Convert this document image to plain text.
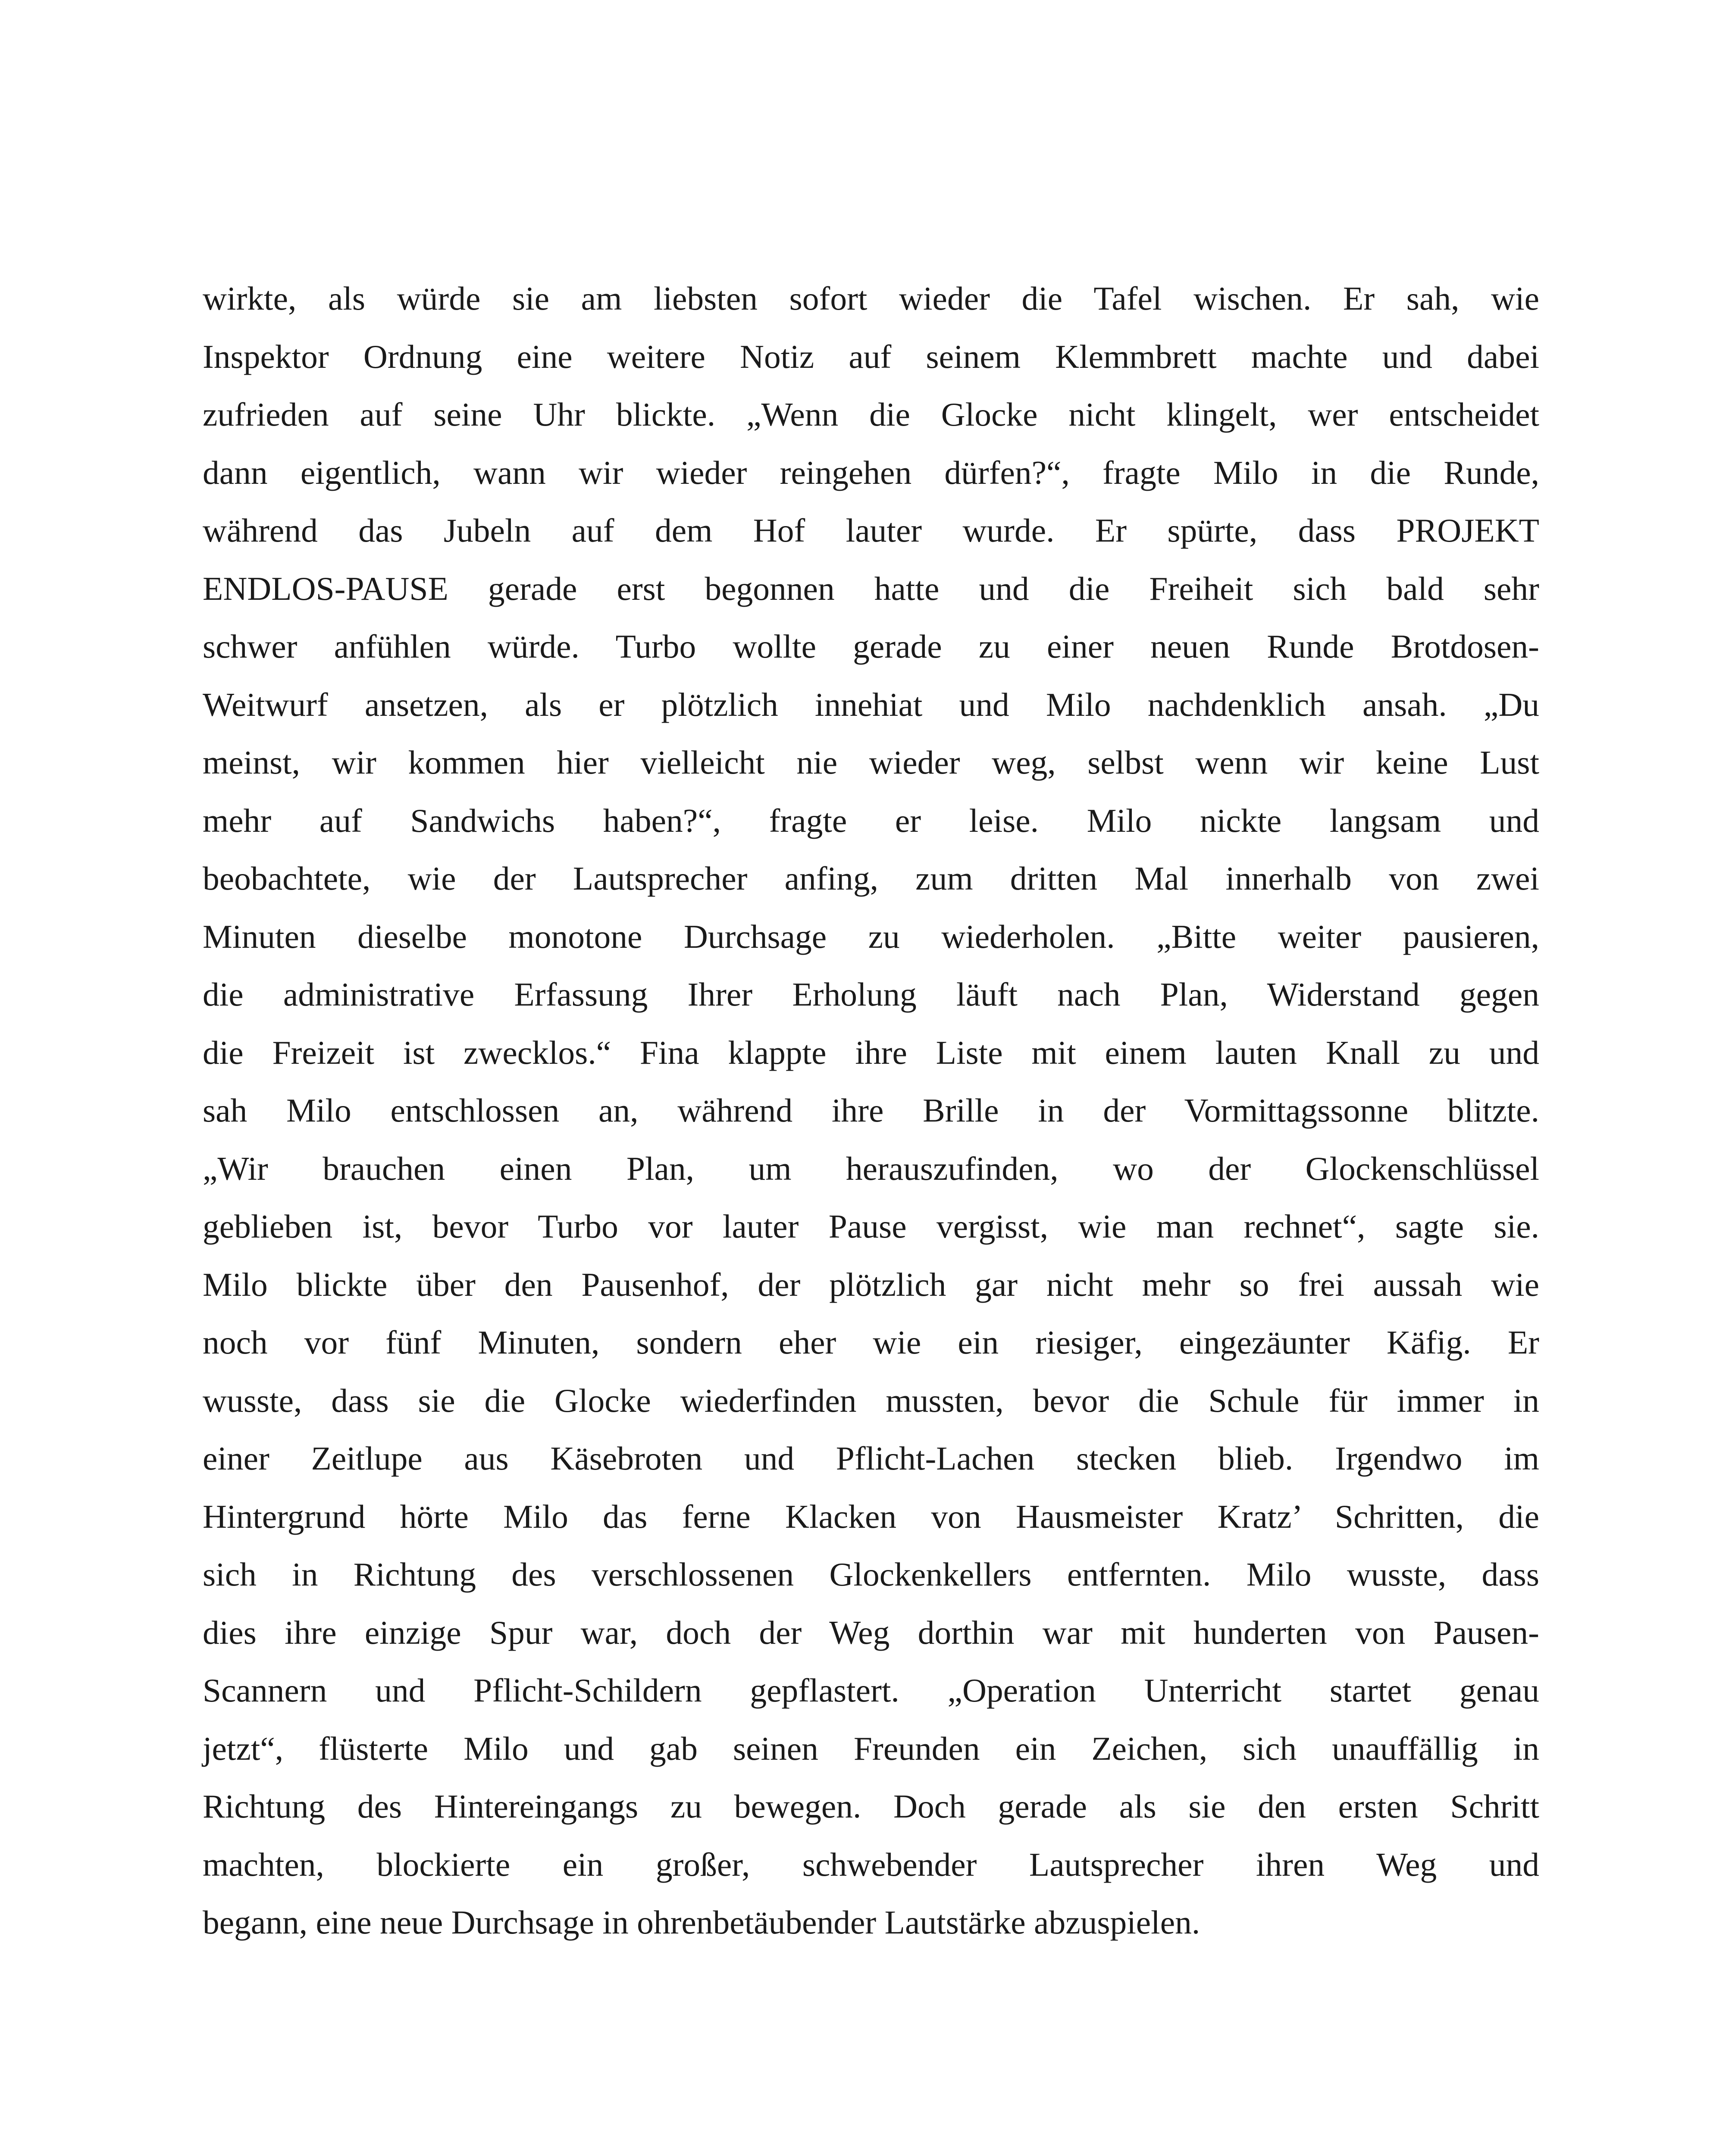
wirkte, als würde sie am liebsten sofort wieder die Tafel wischen. Er sah, wie
Inspektor Ordnung eine weitere Notiz auf seinem Klemmbrett machte und dabei
zufrieden auf seine Uhr blickte. „Wenn die Glocke nicht klingelt, wer entscheidet
dann eigentlich, wann wir wieder reingehen dürfen?“, fragte Milo in die Runde,
während das Jubeln auf dem Hof lauter wurde. Er spürte, dass PROJEKT
ENDLOS-PAUSE gerade erst begonnen hatte und die Freiheit sich bald sehr
schwer anfühlen würde. Turbo wollte gerade zu einer neuen Runde Brotdosen-
Weitwurf ansetzen, als er plötzlich innehiat und Milo nachdenklich ansah. „Du
meinst, wir kommen hier vielleicht nie wieder weg, selbst wenn wir keine Lust
mehr auf Sandwichs haben?“, fragte er leise. Milo nickte langsam und
beobachtete, wie der Lautsprecher anfing, zum dritten Mal innerhalb von zwei
Minuten dieselbe monotone Durchsage zu wiederholen. „Bitte weiter pausieren,
die administrative Erfassung Ihrer Erholung läuft nach Plan, Widerstand gegen
die Freizeit ist zwecklos.“ Fina klappte ihre Liste mit einem lauten Knall zu und
sah Milo entschlossen an, während ihre Brille in der Vormittagssonne blitzte.
„Wir brauchen einen Plan, um herauszufinden, wo der Glockenschlüssel
geblieben ist, bevor Turbo vor lauter Pause vergisst, wie man rechnet“, sagte sie.
Milo blickte über den Pausenhof, der plötzlich gar nicht mehr so frei aussah wie
noch vor fünf Minuten, sondern eher wie ein riesiger, eingezäunter Käfig. Er
wusste, dass sie die Glocke wiederfinden mussten, bevor die Schule für immer in
einer Zeitlupe aus Käsebroten und Pflicht-Lachen stecken blieb. Irgendwo im
Hintergrund hörte Milo das ferne Klacken von Hausmeister Kratz’ Schritten, die
sich in Richtung des verschlossenen Glockenkellers entfernten. Milo wusste, dass
dies ihre einzige Spur war, doch der Weg dorthin war mit hunderten von Pausen-
Scannern und Pflicht-Schildern gepflastert. „Operation Unterricht startet genau
jetzt“, flüsterte Milo und gab seinen Freunden ein Zeichen, sich unauffällig in
Richtung des Hintereingangs zu bewegen. Doch gerade als sie den ersten Schritt
machten, blockierte ein großer, schwebender Lautsprecher ihren Weg und
begann, eine neue Durchsage in ohrenbetäubender Lautstärke abzuspielen.
